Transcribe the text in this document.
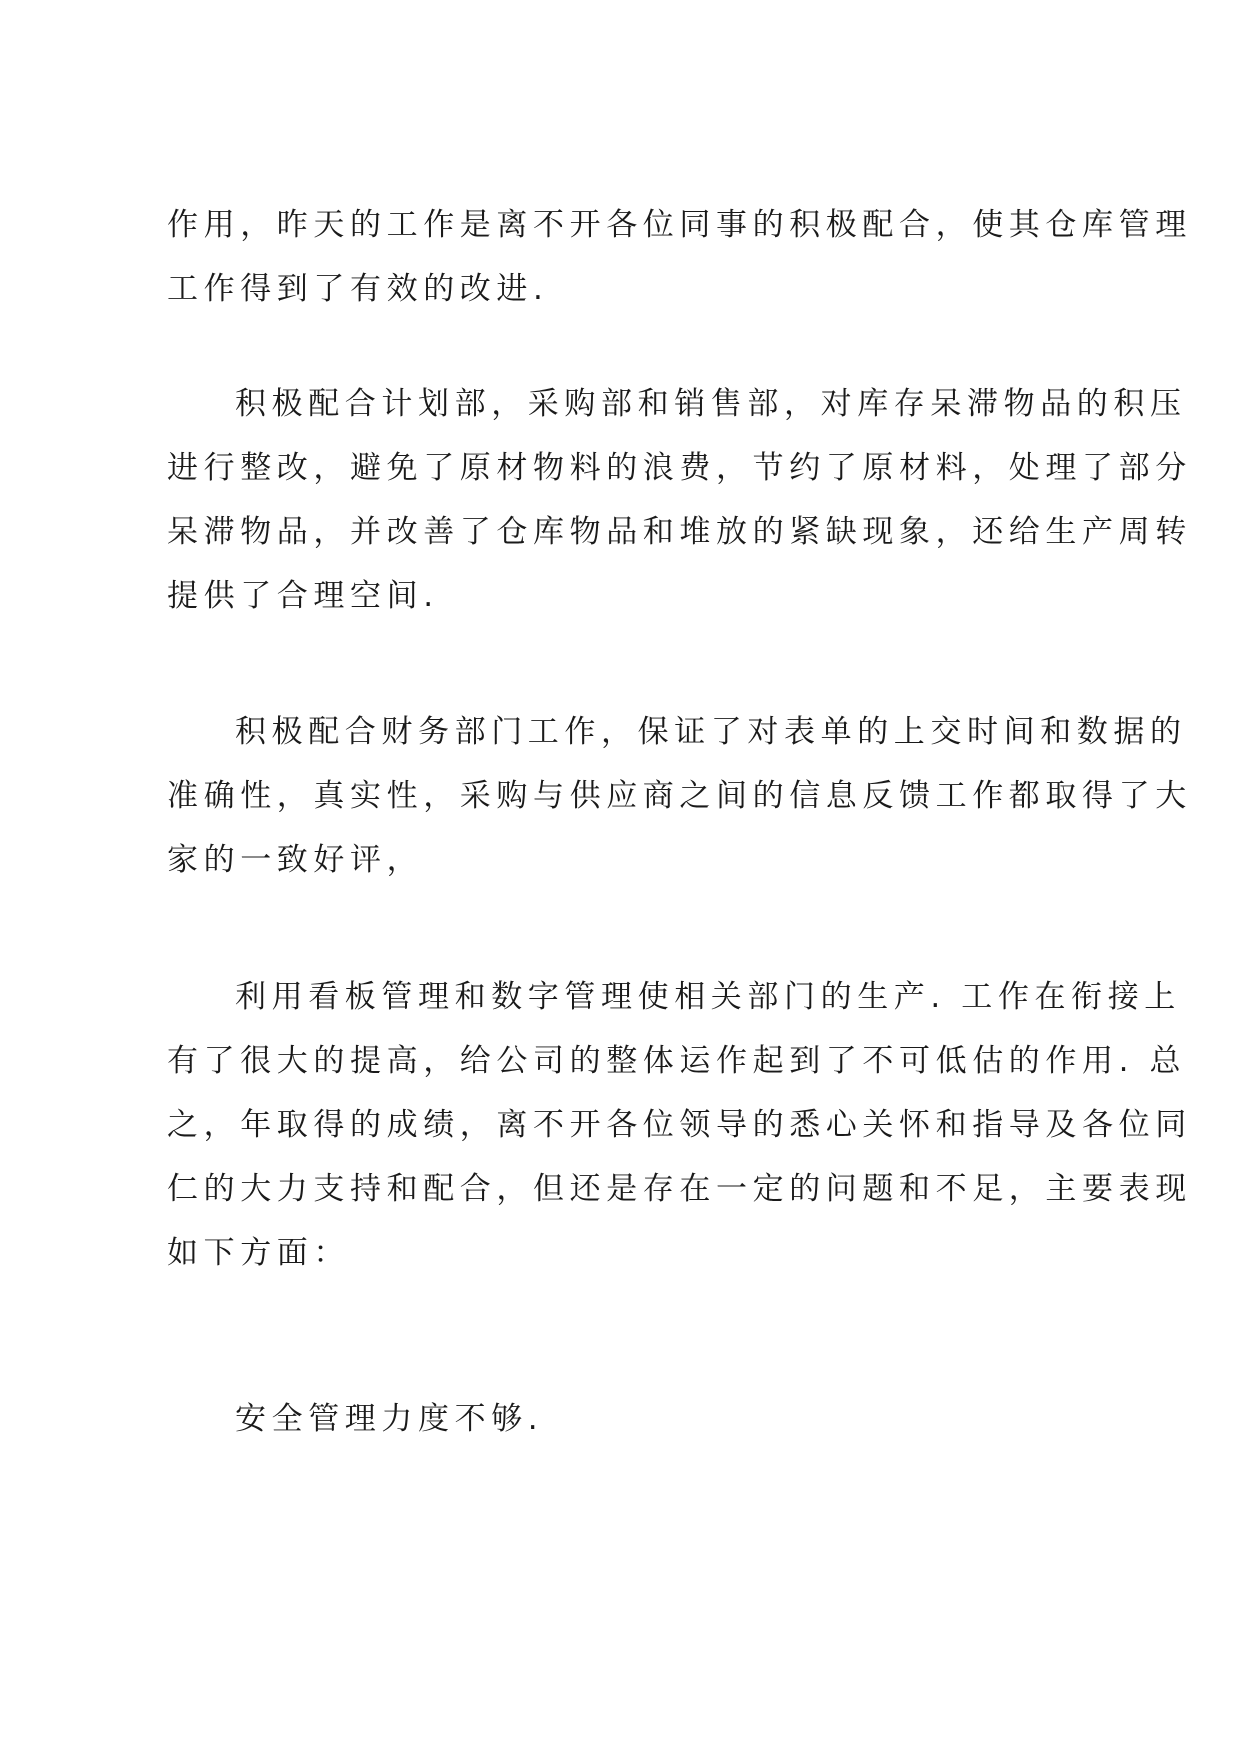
作用，昨天的工作是离不开各位同事的积极配合，使其仓库管理
工作得到了有效的改进.
积极配合计划部，采购部和销售部，对库存呆滞物品的积压
进行整改，避免了原材物料的浪费，节约了原材料，处理了部分
呆滞物品，并改善了仓库物品和堆放的紧缺现象，还给生产周转
提供了合理空间.
积极配合财务部门工作，保证了对表单的上交时间和数据的
准确性，真实性，采购与供应商之间的信息反馈工作都取得了大
家的一致好评，
利用看板管理和数字管理使相关部门的生产. 工作在衔接上
有了很大的提高，给公司的整体运作起到了不可低估的作用. 总
之，年取得的成绩，离不开各位领导的悉心关怀和指导及各位同
仁的大力支持和配合，但还是存在一定的问题和不足，主要表现
如下方面：
安全管理力度不够.
